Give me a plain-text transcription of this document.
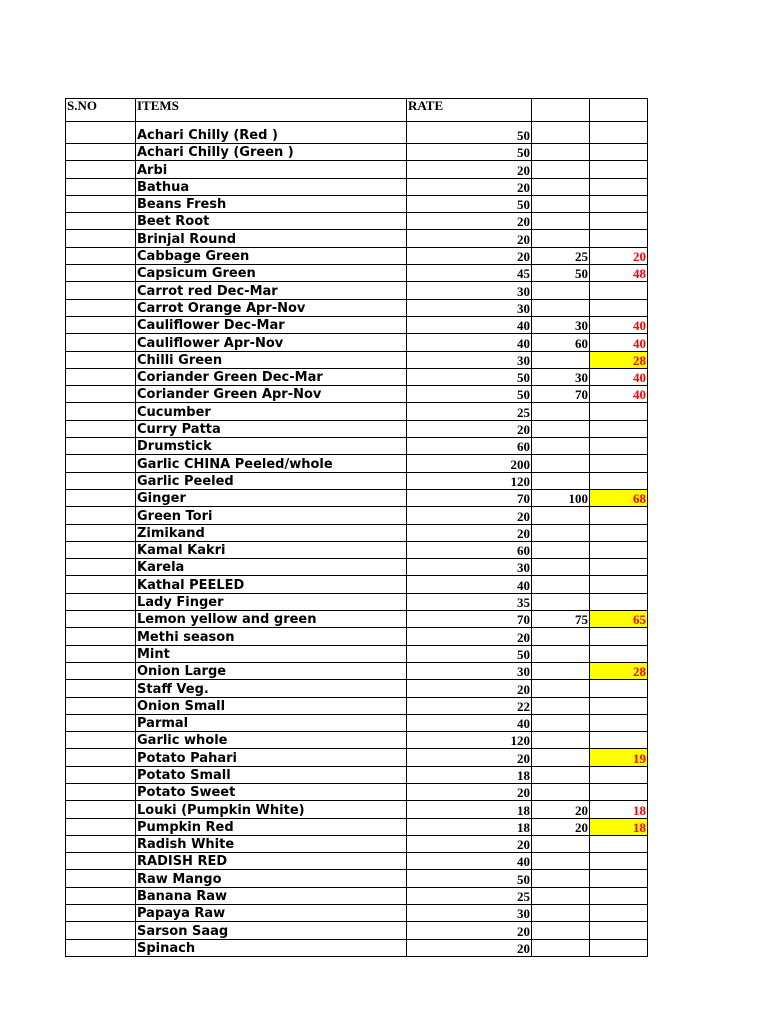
S.NO	ITEMS	RATE		
	Achari Chilly (Red )	50		
	Achari Chilly (Green )	50		
	Arbi	20		
	Bathua	20		
	Beans Fresh	50		
	Beet Root	20		
	Brinjal Round	20		
	Cabbage Green	20	25	20
	Capsicum Green	45	50	48
	Carrot red Dec-Mar	30		
	Carrot Orange Apr-Nov	30		
	Cauliflower Dec-Mar	40	30	40
	Cauliflower Apr-Nov	40	60	40
	Chilli Green	30		28
	Coriander Green Dec-Mar	50	30	40
	Coriander Green Apr-Nov	50	70	40
	Cucumber	25		
	Curry Patta	20		
	Drumstick	60		
	Garlic CHINA Peeled/whole	200		
	Garlic Peeled	120		
	Ginger	70	100	68
	Green Tori	20		
	Zimikand	20		
	Kamal Kakri	60		
	Karela	30		
	Kathal PEELED	40		
	Lady Finger	35		
	Lemon yellow and green	70	75	65
	Methi season	20		
	Mint	50		
	Onion Large	30		28
	Staff Veg.	20		
	Onion Small	22		
	Parmal	40		
	Garlic whole	120		
	Potato Pahari	20		19
	Potato Small	18		
	Potato Sweet	20		
	Louki (Pumpkin White)	18	20	18
	Pumpkin Red	18	20	18
	Radish White	20		
	RADISH RED	40		
	Raw Mango	50		
	Banana Raw	25		
	Papaya Raw	30		
	Sarson Saag	20		
	Spinach	20		
